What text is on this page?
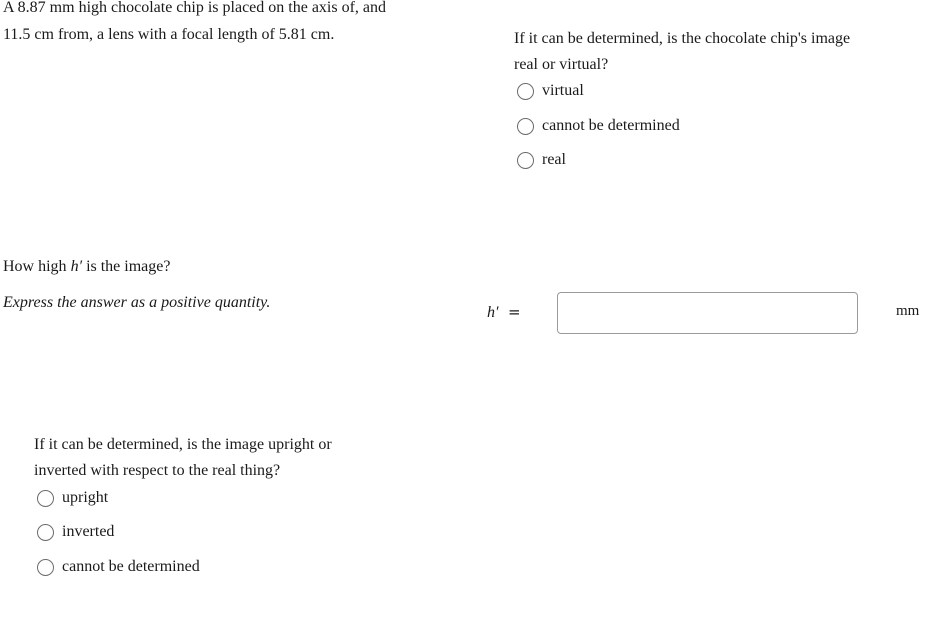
A 8.87 mm high chocolate chip is placed on the axis of, and
11.5 cm from, a lens with a focal length of 5.81 cm.	If it can be determined, is the chocolate chip's image
real or virtual?
virtual
cannot be determined
real
How high h′ is the image?
Express the answer as a positive quantity.
h′ =	mm
If it can be determined, is the image upright or
inverted with respect to the real thing?
upright
inverted
cannot be determined
